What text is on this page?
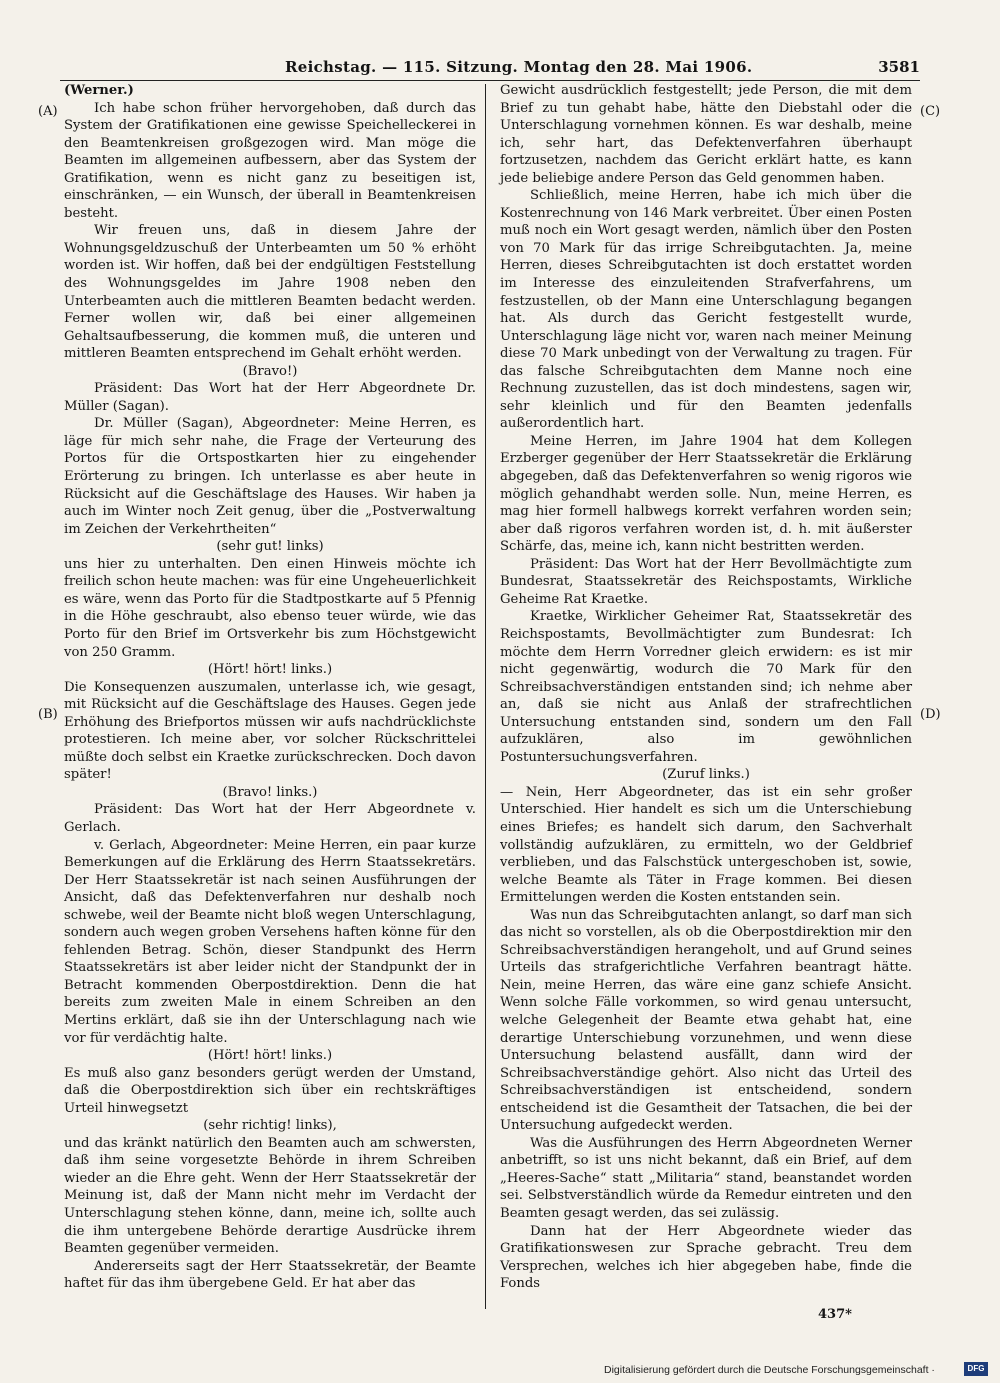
Reichstag. — 115. Sitzung. Montag den 28. Mai 1906.	3581
(A)
(B)
(C)
(D)

(Werner.)

Ich habe schon früher hervorgehoben, daß durch das System der Gratifikationen eine gewisse Speichelleckerei in den Beamtenkreisen großgezogen wird. Man möge die Beamten im allgemeinen aufbessern, aber das System der Gratifikation, wenn es nicht ganz zu beseitigen ist, einschränken, — ein Wunsch, der überall in Beamtenkreisen besteht.

Wir freuen uns, daß in diesem Jahre der Wohnungsgeldzuschuß der Unterbeamten um 50 % erhöht worden ist. Wir hoffen, daß bei der endgültigen Feststellung des Wohnungsgeldes im Jahre 1908 neben den Unterbeamten auch die mittleren Beamten bedacht werden. Ferner wollen wir, daß bei einer allgemeinen Gehaltsaufbesserung, die kommen muß, die unteren und mittleren Beamten entsprechend im Gehalt erhöht werden.

(Bravo!)

Präsident: Das Wort hat der Herr Abgeordnete Dr. Müller (Sagan).

Dr. Müller (Sagan), Abgeordneter: Meine Herren, es läge für mich sehr nahe, die Frage der Verteurung des Portos für die Ortspostkarten hier zu eingehender Erörterung zu bringen. Ich unterlasse es aber heute in Rücksicht auf die Geschäftslage des Hauses. Wir haben ja auch im Winter noch Zeit genug, über die „Postverwaltung im Zeichen der Verkehrtheiten“

(sehr gut! links)

uns hier zu unterhalten. Den einen Hinweis möchte ich freilich schon heute machen: was für eine Ungeheuerlichkeit es wäre, wenn das Porto für die Stadtpostkarte auf 5 Pfennig in die Höhe geschraubt, also ebenso teuer würde, wie das Porto für den Brief im Ortsverkehr bis zum Höchstgewicht von 250 Gramm.

(Hört! hört! links.)

Die Konsequenzen auszumalen, unterlasse ich, wie gesagt, mit Rücksicht auf die Geschäftslage des Hauses. Gegen jede Erhöhung des Briefportos müssen wir aufs nachdrücklichste protestieren. Ich meine aber, vor solcher Rückschrittelei müßte doch selbst ein Kraetke zurückschrecken. Doch davon später!

(Bravo! links.)

Präsident: Das Wort hat der Herr Abgeordnete v. Gerlach.

v. Gerlach, Abgeordneter: Meine Herren, ein paar kurze Bemerkungen auf die Erklärung des Herrn Staatssekretärs. Der Herr Staatssekretär ist nach seinen Ausführungen der Ansicht, daß das Defektenverfahren nur deshalb noch schwebe, weil der Beamte nicht bloß wegen Unterschlagung, sondern auch wegen groben Versehens haften könne für den fehlenden Betrag. Schön, dieser Standpunkt des Herrn Staatssekretärs ist aber leider nicht der Standpunkt der in Betracht kommenden Oberpostdirektion. Denn die hat bereits zum zweiten Male in einem Schreiben an den Mertins erklärt, daß sie ihn der Unterschlagung nach wie vor für verdächtig halte.

(Hört! hört! links.)

Es muß also ganz besonders gerügt werden der Umstand, daß die Oberpostdirektion sich über ein rechtskräftiges Urteil hinwegsetzt

(sehr richtig! links),

und das kränkt natürlich den Beamten auch am schwersten, daß ihm seine vorgesetzte Behörde in ihrem Schreiben wieder an die Ehre geht. Wenn der Herr Staatssekretär der Meinung ist, daß der Mann nicht mehr im Verdacht der Unterschlagung stehen könne, dann, meine ich, sollte auch die ihm untergebene Behörde derartige Ausdrücke ihrem Beamten gegenüber vermeiden.

Andererseits sagt der Herr Staatssekretär, der Beamte haftet für das ihm übergebene Geld. Er hat aber das

Gewicht ausdrücklich festgestellt; jede Person, die mit dem Brief zu tun gehabt habe, hätte den Diebstahl oder die Unterschlagung vornehmen können. Es war deshalb, meine ich, sehr hart, das Defektenverfahren überhaupt fortzusetzen, nachdem das Gericht erklärt hatte, es kann jede beliebige andere Person das Geld genommen haben.

Schließlich, meine Herren, habe ich mich über die Kostenrechnung von 146 Mark verbreitet. Über einen Posten muß noch ein Wort gesagt werden, nämlich über den Posten von 70 Mark für das irrige Schreibgutachten. Ja, meine Herren, dieses Schreibgutachten ist doch erstattet worden im Interesse des einzuleitenden Strafverfahrens, um festzustellen, ob der Mann eine Unterschlagung begangen hat. Als durch das Gericht festgestellt wurde, Unterschlagung läge nicht vor, waren nach meiner Meinung diese 70 Mark unbedingt von der Verwaltung zu tragen. Für das falsche Schreibgutachten dem Manne noch eine Rechnung zuzustellen, das ist doch mindestens, sagen wir, sehr kleinlich und für den Beamten jedenfalls außerordentlich hart.

Meine Herren, im Jahre 1904 hat dem Kollegen Erzberger gegenüber der Herr Staatssekretär die Erklärung abgegeben, daß das Defektenverfahren so wenig rigoros wie möglich gehandhabt werden solle. Nun, meine Herren, es mag hier formell halbwegs korrekt verfahren worden sein; aber daß rigoros verfahren worden ist, d. h. mit äußerster Schärfe, das, meine ich, kann nicht bestritten werden.

Präsident: Das Wort hat der Herr Bevollmächtigte zum Bundesrat, Staatssekretär des Reichspostamts, Wirkliche Geheime Rat Kraetke.

Kraetke, Wirklicher Geheimer Rat, Staatssekretär des Reichspostamts, Bevollmächtigter zum Bundesrat: Ich möchte dem Herrn Vorredner gleich erwidern: es ist mir nicht gegenwärtig, wodurch die 70 Mark für den Schreibsachverständigen entstanden sind; ich nehme aber an, daß sie nicht aus Anlaß der strafrechtlichen Untersuchung entstanden sind, sondern um den Fall aufzuklären, also im gewöhnlichen Postuntersuchungsverfahren.

(Zuruf links.)

— Nein, Herr Abgeordneter, das ist ein sehr großer Unterschied. Hier handelt es sich um die Unterschiebung eines Briefes; es handelt sich darum, den Sachverhalt vollständig aufzuklären, zu ermitteln, wo der Geldbrief verblieben, und das Falschstück untergeschoben ist, sowie, welche Beamte als Täter in Frage kommen. Bei diesen Ermittelungen werden die Kosten entstanden sein.

Was nun das Schreibgutachten anlangt, so darf man sich das nicht so vorstellen, als ob die Oberpostdirektion mir den Schreibsachverständigen herangeholt, und auf Grund seines Urteils das strafgerichtliche Verfahren beantragt hätte. Nein, meine Herren, das wäre eine ganz schiefe Ansicht. Wenn solche Fälle vorkommen, so wird genau untersucht, welche Gelegenheit der Beamte etwa gehabt hat, eine derartige Unterschiebung vorzunehmen, und wenn diese Untersuchung belastend ausfällt, dann wird der Schreibsachverständige gehört. Also nicht das Urteil des Schreibsachverständigen ist entscheidend, sondern entscheidend ist die Gesamtheit der Tatsachen, die bei der Untersuchung aufgedeckt werden.

Was die Ausführungen des Herrn Abgeordneten Werner anbetrifft, so ist uns nicht bekannt, daß ein Brief, auf dem „Heeres-Sache“ statt „Militaria“ stand, beanstandet worden sei. Selbstverständlich würde da Remedur eintreten und den Beamten gesagt werden, das sei zulässig.

Dann hat der Herr Abgeordnete wieder das Gratifikationswesen zur Sprache gebracht. Treu dem Versprechen, welches ich hier abgegeben habe, finde die Fonds

437*
Digitalisierung gefördert durch die Deutsche Forschungsgemeinschaft ·	DFG
